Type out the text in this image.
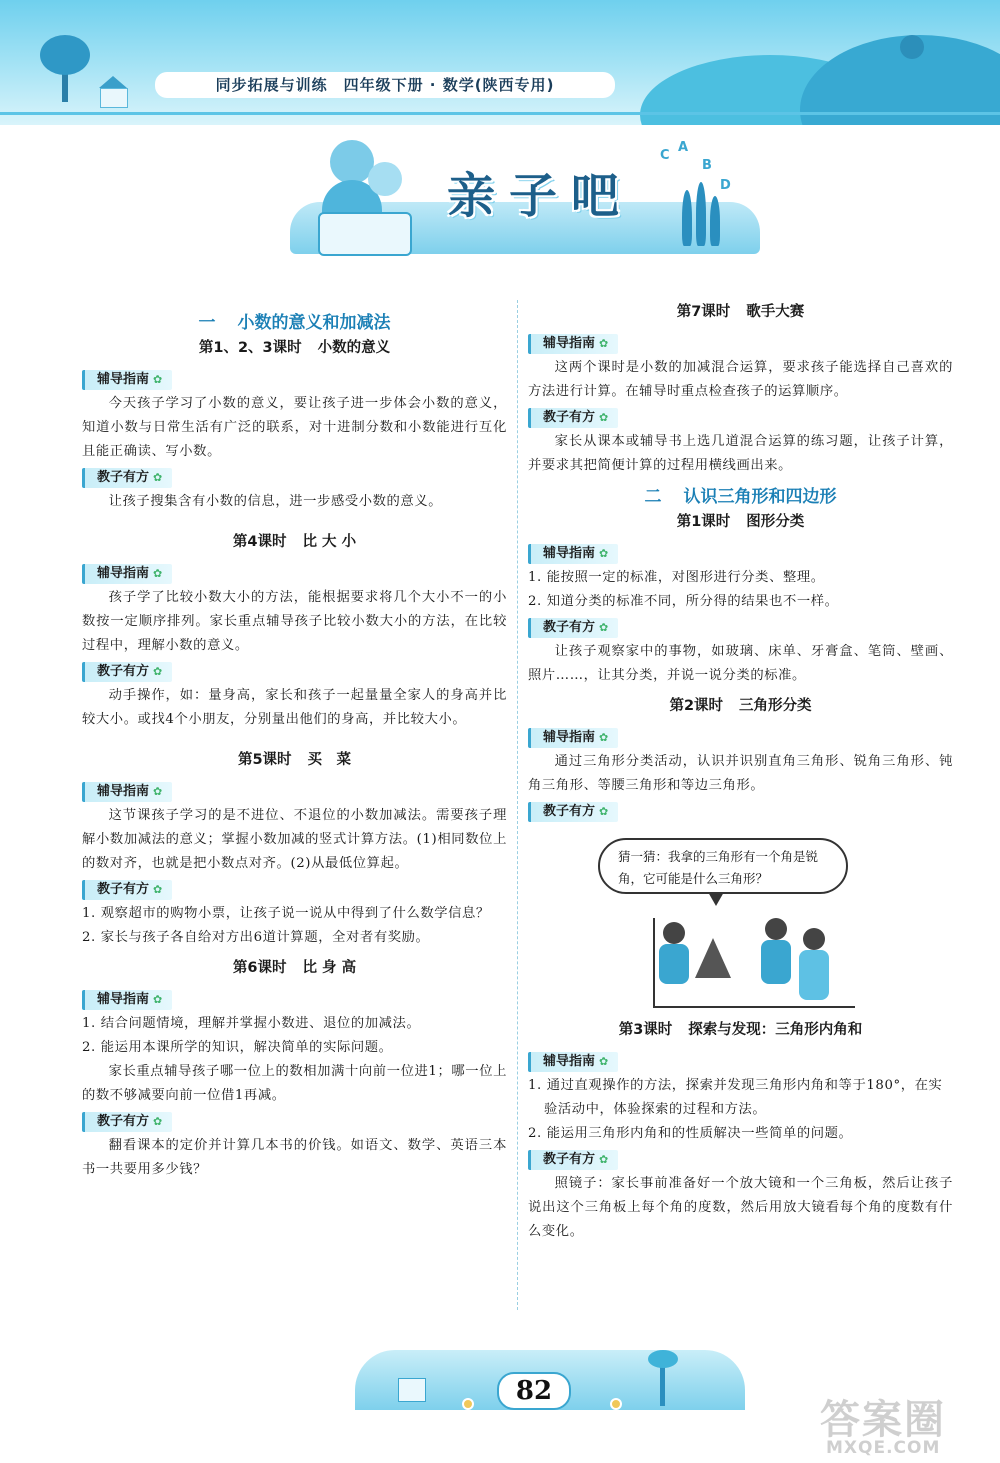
同步拓展与训练　四年级下册 · 数学(陕西专用)
亲子吧
C
A
B
D

一 小数的意义和加减法

第1、2、3课时 小数的意义

辅导指南 ✿

今天孩子学习了小数的意义，要让孩子进一步体会小数的意义，知道小数与日常生活有广泛的联系，对十进制分数和小数能进行互化且能正确读、写小数。

教子有方 ✿

让孩子搜集含有小数的信息，进一步感受小数的意义。

第4课时 比 大 小

辅导指南 ✿

孩子学了比较小数大小的方法，能根据要求将几个大小不一的小数按一定顺序排列。家长重点辅导孩子比较小数大小的方法，在比较过程中，理解小数的意义。

教子有方 ✿

动手操作，如：量身高，家长和孩子一起量量全家人的身高并比较大小。或找4个小朋友，分别量出他们的身高，并比较大小。

第5课时 买　菜

辅导指南 ✿

这节课孩子学习的是不进位、不退位的小数加减法。需要孩子理解小数加减法的意义；掌握小数加减的竖式计算方法。(1)相同数位上的数对齐，也就是把小数点对齐。(2)从最低位算起。

教子有方 ✿

1. 观察超市的购物小票，让孩子说一说从中得到了什么数学信息？

2. 家长与孩子各自给对方出6道计算题，全对者有奖励。

第6课时 比 身 高

辅导指南 ✿

1. 结合问题情境，理解并掌握小数进、退位的加减法。

2. 能运用本课所学的知识，解决简单的实际问题。

家长重点辅导孩子哪一位上的数相加满十向前一位进1；哪一位上的数不够减要向前一位借1再减。

教子有方 ✿

翻看课本的定价并计算几本书的价钱。如语文、数学、英语三本书一共要用多少钱？

第7课时 歌手大赛

辅导指南 ✿

这两个课时是小数的加减混合运算，要求孩子能选择自己喜欢的方法进行计算。在辅导时重点检查孩子的运算顺序。

教子有方 ✿

家长从课本或辅导书上选几道混合运算的练习题，让孩子计算，并要求其把简便计算的过程用横线画出来。

二 认识三角形和四边形

第1课时 图形分类

辅导指南 ✿

1. 能按照一定的标准，对图形进行分类、整理。

2. 知道分类的标准不同，所分得的结果也不一样。

教子有方 ✿

让孩子观察家中的事物，如玻璃、床单、牙膏盒、笔筒、壁画、照片……，让其分类，并说一说分类的标准。

第2课时 三角形分类

辅导指南 ✿

通过三角形分类活动，认识并识别直角三角形、锐角三角形、钝角三角形、等腰三角形和等边三角形。

教子有方 ✿
猜一猜：我拿的三角形有一个角是锐角，它可能是什么三角形？

第3课时 探索与发现：三角形内角和

辅导指南 ✿

1. 通过直观操作的方法，探索并发现三角形内角和等于180°，在实验活动中，体验探索的过程和方法。

2. 能运用三角形内角和的性质解决一些简单的问题。

教子有方 ✿

照镜子：家长事前准备好一个放大镜和一个三角板，然后让孩子说出这个三角板上每个角的度数，然后用放大镜看每个角的度数有什么变化。

82
答案圈
MXQE.COM
